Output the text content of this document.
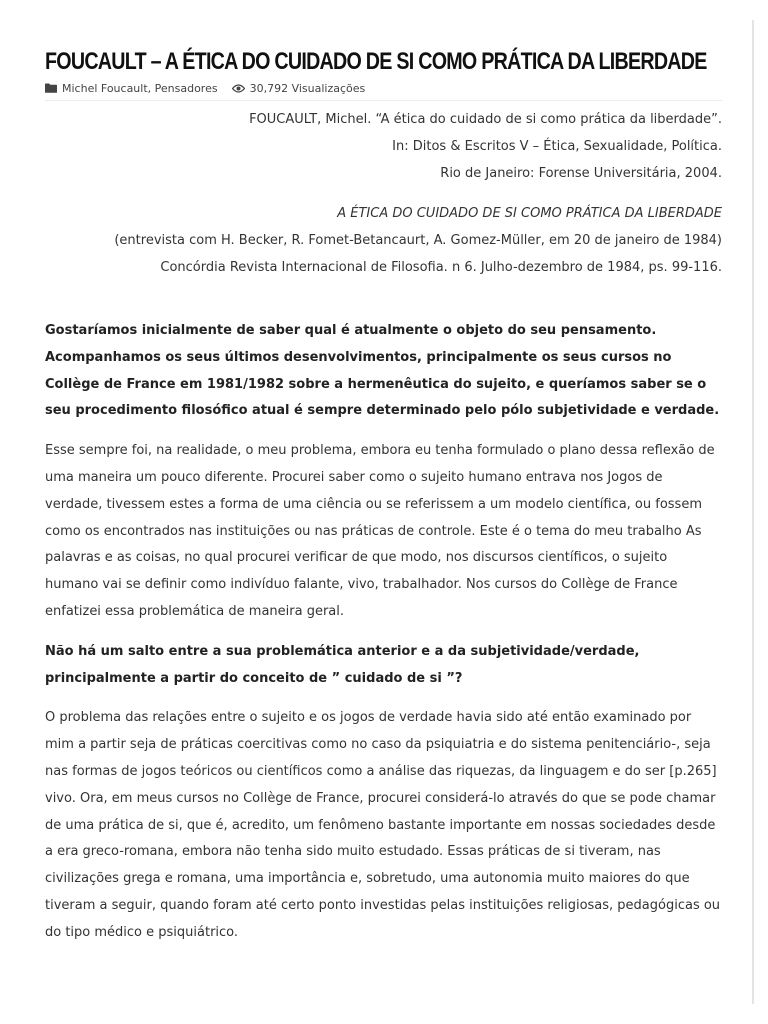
FOUCAULT – A ÉTICA DO CUIDADO DE SI COMO PRÁTICA DA LIBERDADE
Michel Foucault, Pensadores	30,792 Visualizações
FOUCAULT, Michel. “A ética do cuidado de si como prática da liberdade”.
In: Ditos & Escritos V – Ética, Sexualidade, Política.
Rio de Janeiro: Forense Universitária, 2004.
A ÉTICA DO CUIDADO DE SI COMO PRÁTICA DA LIBERDADE
(entrevista com H. Becker, R. Fomet-Betancaurt, A. Gomez-Müller, em 20 de janeiro de 1984)
Concórdia Revista Internacional de Filosofia. n 6. Julho-dezembro de 1984, ps. 99-116.

Gostaríamos inicialmente de saber qual é atualmente o objeto do seu pensamento. Acompanhamos os seus últimos desenvolvimentos, principalmente os seus cursos no Collège de France em 1981/1982 sobre a hermenêutica do sujeito, e queríamos saber se o seu procedimento filosófico atual é sempre determinado pelo pólo subjetividade e verdade.

Esse sempre foi, na realidade, o meu problema, embora eu tenha formulado o plano dessa reflexão de uma maneira um pouco diferente. Procurei saber como o sujeito humano entrava nos Jogos de verdade, tivessem estes a forma de uma ciência ou se referissem a um modelo científica, ou fossem como os encontrados nas instituições ou nas práticas de controle. Este é o tema do meu trabalho As palavras e as coisas, no qual procurei verificar de que modo, nos discursos científicos, o sujeito humano vai se definir como indivíduo falante, vivo, trabalhador. Nos cursos do Collège de France enfatizei essa problemática de maneira geral.

Não há um salto entre a sua problemática anterior e a da subjetividade/verdade, principalmente a partir do conceito de ” cuidado de si ”?

O problema das relações entre o sujeito e os jogos de verdade havia sido até então examinado por mim a partir seja de práticas coercitivas como no caso da psiquiatria e do sistema penitenciário-, seja nas formas de jogos teóricos ou científicos como a análise das riquezas, da linguagem e do ser [p.265] vivo. Ora, em meus cursos no Collège de France, procurei considerá-lo através do que se pode chamar de uma prática de si, que é, acredito, um fenômeno bastante importante em nossas sociedades desde a era greco-romana, embora não tenha sido muito estudado. Essas práticas de si tiveram, nas civilizações grega e romana, uma importância e, sobretudo, uma autonomia muito maiores do que tiveram a seguir, quando foram até certo ponto investidas pelas instituições religiosas, pedagógicas ou do tipo médico e psiquiátrico.
